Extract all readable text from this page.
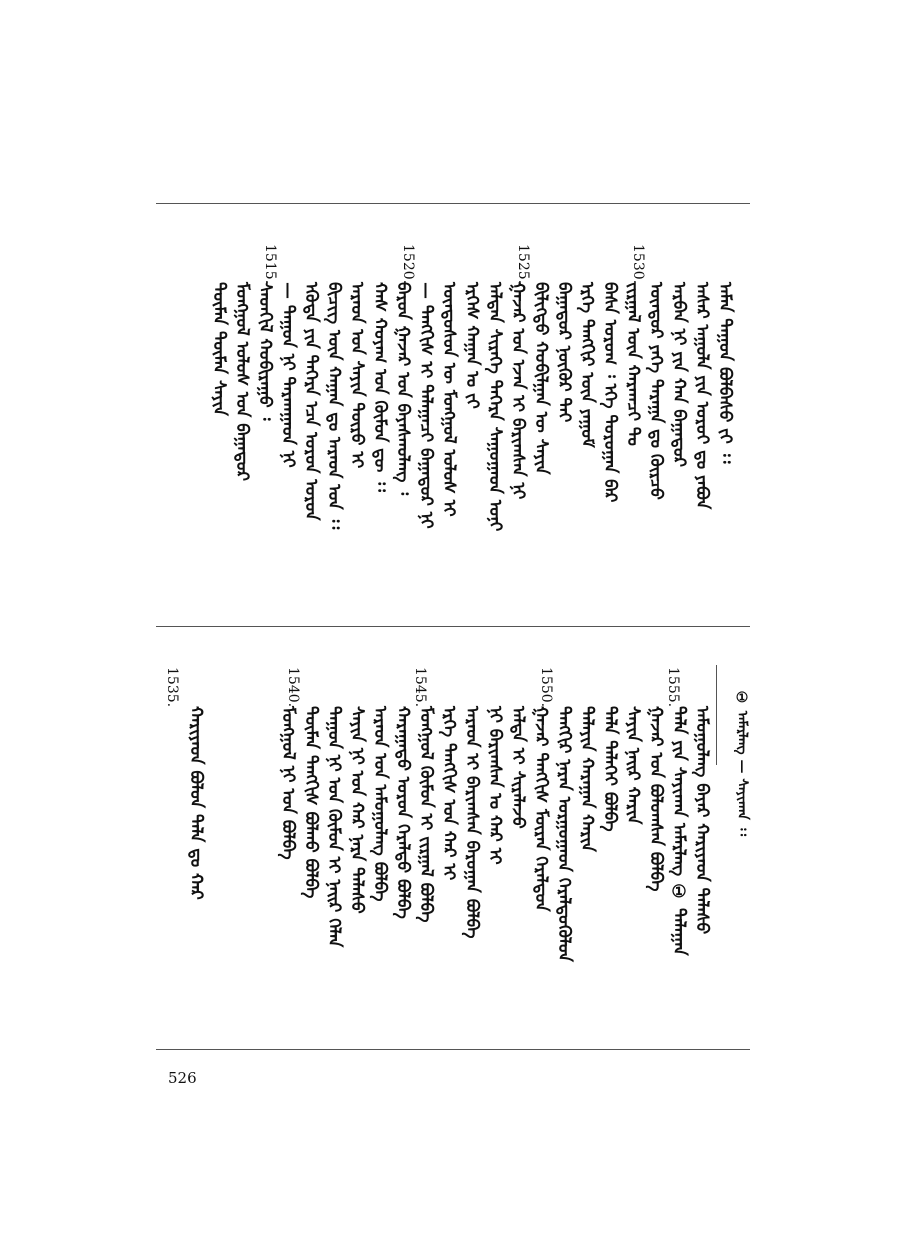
ᠠᠮᠠᠨ ᠳᠠᠭᠤᠨ ᠪᠤᠯᠪᠠᠰᠤ ᠵᠢ ᠄᠄
ᠠᠰᠠᠷ ᠠᠭᠤᠯᠠ ᠶᠢᠨ ᠣᠷᠣᠢ ᠳᠤ ᠶᠠᠪᠤᠨ
ᠠᠷᠪᠠᠨ ᠨᠢ ᠶᠢᠨ ᠬᠠᠨ ᠪᠠᠭᠠᠲᠤᠷ
ᠦᠨᠳᠦᠷ ᠶᠡᠬᠡ ᠲᠠᠷᠠᠭᠠ ᠳᠤ ᠬᠦᠷᠴᠦ
ᠵᠢᠷᠭᠠᠯ ᠦᠨ ᠬᠠᠷᠠᠭᠴᠢ ᠲᠤ
ᠪᠠᠰᠠ ᠤᠷᠤᠭ ᠄ ᠡᠬᠡ ᠳᠣᠷᠣᠭᠠᠨ ᠪᠠᠷ
ᠡᠷᠬᠡ ᠲᠡᠩᠭᠢᠷ ᠦᠨ ᠶᠠᠭᠤᠮ
ᠪᠠᠭᠠᠲᠤᠷ ᠨᠥᠬᠦᠷ ᠲᠡᠢ
ᠪᠢᠯᠢᠭᠲᠦ ᠬᠤᠪᠢᠯᠭᠠᠨ ᠦ ᠰᠠᠶᠢᠨ
ᠭᠠᠵᠠᠷ ᠤᠨ ᠡᠵᠡᠨ ᠢ ᠪᠠᠷᠢᠭᠰᠠᠨ ᠨᠢ
ᠠᠯᠲᠠᠨ ᠰᠢᠷᠡᠭᠡ ᠳᠡᠭᠡᠷᠡ ᠰᠠᠭᠤᠭᠠᠳ ᠣᠨᠢ
ᠡᠷᠬᠡᠰ ᠬᠠᠭᠠᠨ ᠤ ᠵᠢ
ᠦᠨᠳᠦᠰᠦᠨ ᠦ ᠮᠣᠩᠭᠣᠯ ᠤᠯᠤᠰ ᠢ
— ᠲᠡᠩᠭᠢᠰ ᠢ ᠲᠠᠯᠠᠭᠠᠴᠢ ᠪᠠᠭᠠᠲᠤᠷ ᠨᠢ
ᠪᠠᠷᠤᠨ ᠭᠠᠵᠠᠷ ᠤᠨ ᠪᠠᠶᠠᠰᠬᠤᠯᠠᠩ ᠄
ᠬᠠᠰ ᠬᠤᠶᠠᠭ ᠤᠨ ᠬᠦᠮᠦᠨ ᠳᠦ ᠄᠄
ᠠᠷᠠᠳ ᠤᠨ ᠰᠠᠶᠢᠨ ᠲᠦᠷᠦ ᠢ
ᠪᠢᠴᠢᠭ ᠦᠨ ᠬᠠᠭᠠᠨ ᠳᠤ ᠠᠷᠠᠳ ᠤᠨ ᠄᠄
ᠡᠭᠦᠳᠡ ᠶᠢᠨ ᠳᠡᠭᠡᠷᠡ ᠡᠴᠡ ᠣᠷᠣᠨ ᠣᠷᠣᠨ
— ᠳᠠᠭᠤᠨ ᠨᠢ ᠲᠠᠷᠬᠠᠭᠠᠳ ᠨᠢ
ᠰᠡᠳᠬᠢᠯ ᠬᠤᠪᠢᠷᠠᠭᠤ ᠄
ᠮᠣᠩᠭᠣᠯ ᠤᠯᠤᠰ ᠤᠨ ᠪᠠᠭᠠᠲᠤᠷ
ᠲᠦᠮᠡᠨ ᠲᠦᠮᠡᠨ ᠰᠠᠶᠢᠨ
1530.
1525.
1520.
1515.
① ᠠᠮᠠᠷᠯᠠᠩ — ᠰᠠᠶᠢᠬᠠᠨ ᠄᠄
ᠠᠮᠤᠭᠤᠯᠠᠩ ᠪᠠᠶᠠᠷ ᠬᠠᠷᠢᠶᠠᠳ ᠲᠠᠯᠠᠰᠤ
ᠲᠠᠯᠠ ᠶᠢᠨ ᠰᠠᠶᠢᠬᠠᠨ ᠠᠮᠠᠷᠯᠠᠩ ① ᠲᠠᠯᠠᠭᠠᠨ
ᠭᠠᠵᠠᠷ ᠤᠨ ᠪᠣᠯᠣᠭᠰᠠᠨ ᠪᠣᠯᠪᠠ
ᠰᠠᠶᠢᠨ ᠨᠠᠢᠷ ᠬᠠᠷᠢᠨ
ᠲᠠᠯᠠ ᠳᠡᠯᠡᠬᠡᠢ ᠪᠣᠯᠪᠠ
ᠲᠠᠯᠠᠶᠢᠨ ᠬᠠᠷᠠᠭᠠᠨ ᠬᠠᠷᠢᠨ
ᠲᠡᠩᠭᠢᠷ ᠨᠠᠷᠠᠨ ᠤᠷᠭᠤᠭᠠᠳ ᠭᠡᠷᠡᠯᠲᠦᠭᠦᠯᠦᠨ
ᠭᠠᠵᠠᠷ ᠲᠡᠩᠭᠢᠰ ᠮᠥᠷᠡᠨ ᠭᠡᠷᠡᠯᠲᠦᠨ
ᠠᠯᠲᠠ ᠢ ᠰᠢᠷᠠᠯᠠᠵᠤ
ᠨᠢ ᠪᠠᠷᠢᠭᠰᠠᠨ ᠤ ᠬᠠᠷ ᠢ
ᠠᠷᠠᠳ ᠢ ᠪᠠᠷᠢᠭᠰᠠᠨ ᠪᠠᠷᠤᠭᠠᠨ ᠪᠣᠯᠪᠠ
ᠡᠷᠬᠡ ᠲᠡᠩᠭᠢᠰ ᠤᠨ ᠬᠠᠷ ᠢ
ᠮᠣᠩᠭᠣᠯ ᠬᠦᠮᠦᠨ ᠢ ᠵᠢᠷᠭᠠᠯ ᠪᠣᠯᠪᠠ
ᠬᠠᠷᠠᠭᠠᠲᠤ ᠣᠷᠣᠨ ᠭᠡᠷᠡᠯᠲᠦ ᠪᠣᠯᠪᠠ
ᠠᠷᠠᠳ ᠤᠨ ᠠᠮᠤᠭᠤᠯᠠᠩ ᠪᠣᠯᠪᠠ
ᠰᠠᠶᠢᠨ ᠨᠢ ᠤᠨ ᠬᠠᠷ ᠨᠠᠷᠠ ᠲᠠᠯᠠᠰᠤ
ᠳᠠᠭᠤᠨ ᠨᠢ ᠤᠨ ᠬᠦᠮᠦᠨ ᠢ ᠨᠠᠢᠷ ᠬᠡᠯᠡᠨ
ᠲᠦᠮᠡᠨ ᠲᠡᠩᠭᠢᠰ ᠪᠣᠯᠬᠤ ᠪᠣᠯᠪᠠ
ᠮᠣᠩᠭᠣᠯ ᠨᠢ ᠤᠨ ᠪᠣᠯᠪᠠ
ᠬᠠᠷᠢᠶᠠᠳ ᠪᠣᠯᠤᠨ ᠲᠠᠯᠠ ᠳᠤ ᠬᠠᠷ
1555.
1550.
1545.
1540.
1535.
526
